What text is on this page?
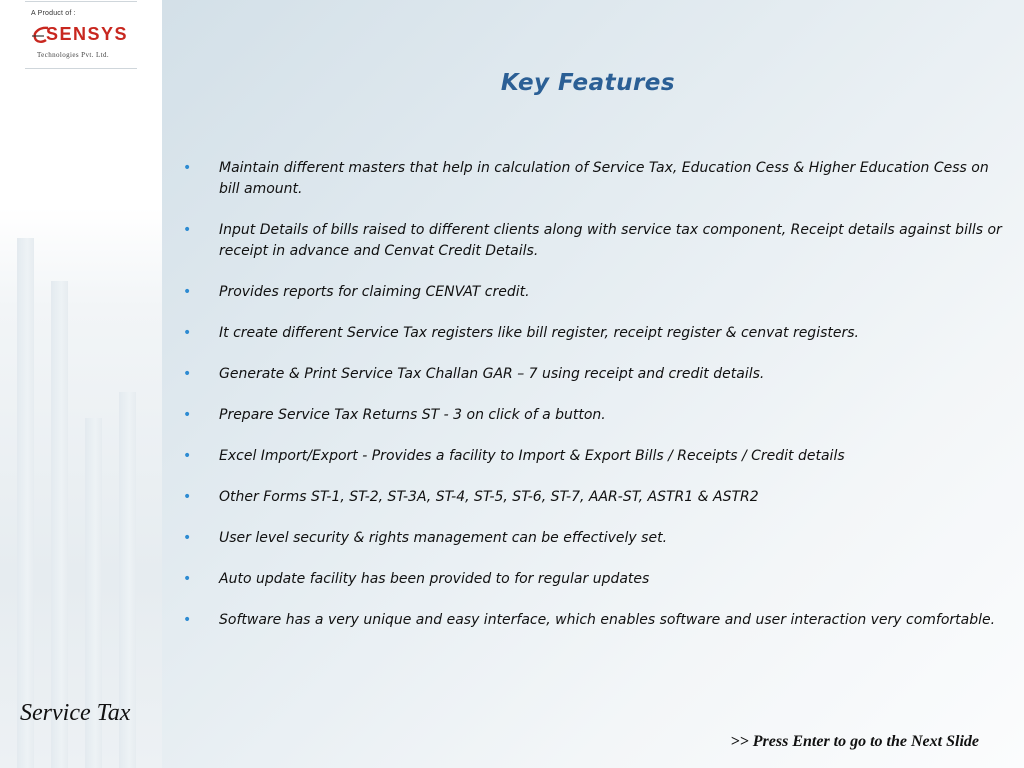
A Product of :
SENSYS
Technologies Pvt. Ltd.
Service Tax
Key Features
• Maintain different masters that help in calculation of Service Tax, Education Cess & Higher Education Cess on bill amount.
• Input Details of bills raised to different clients along with service tax component, Receipt details against bills or receipt in advance and Cenvat Credit Details.
• Provides reports for claiming CENVAT credit.
• It create different Service Tax registers like bill register, receipt register & cenvat registers.
• Generate & Print Service Tax Challan GAR – 7 using receipt and credit details.
• Prepare Service Tax Returns ST - 3 on click of a button.
• Excel Import/Export - Provides a facility to Import & Export Bills / Receipts / Credit details
• Other Forms ST-1, ST-2, ST-3A, ST-4, ST-5, ST-6, ST-7, AAR-ST, ASTR1 & ASTR2
• User level security & rights management can be effectively set.
• Auto update facility has been provided to for regular updates
• Software has a very unique and easy interface, which enables software and user interaction very comfortable.
>> Press Enter to go to the Next Slide
